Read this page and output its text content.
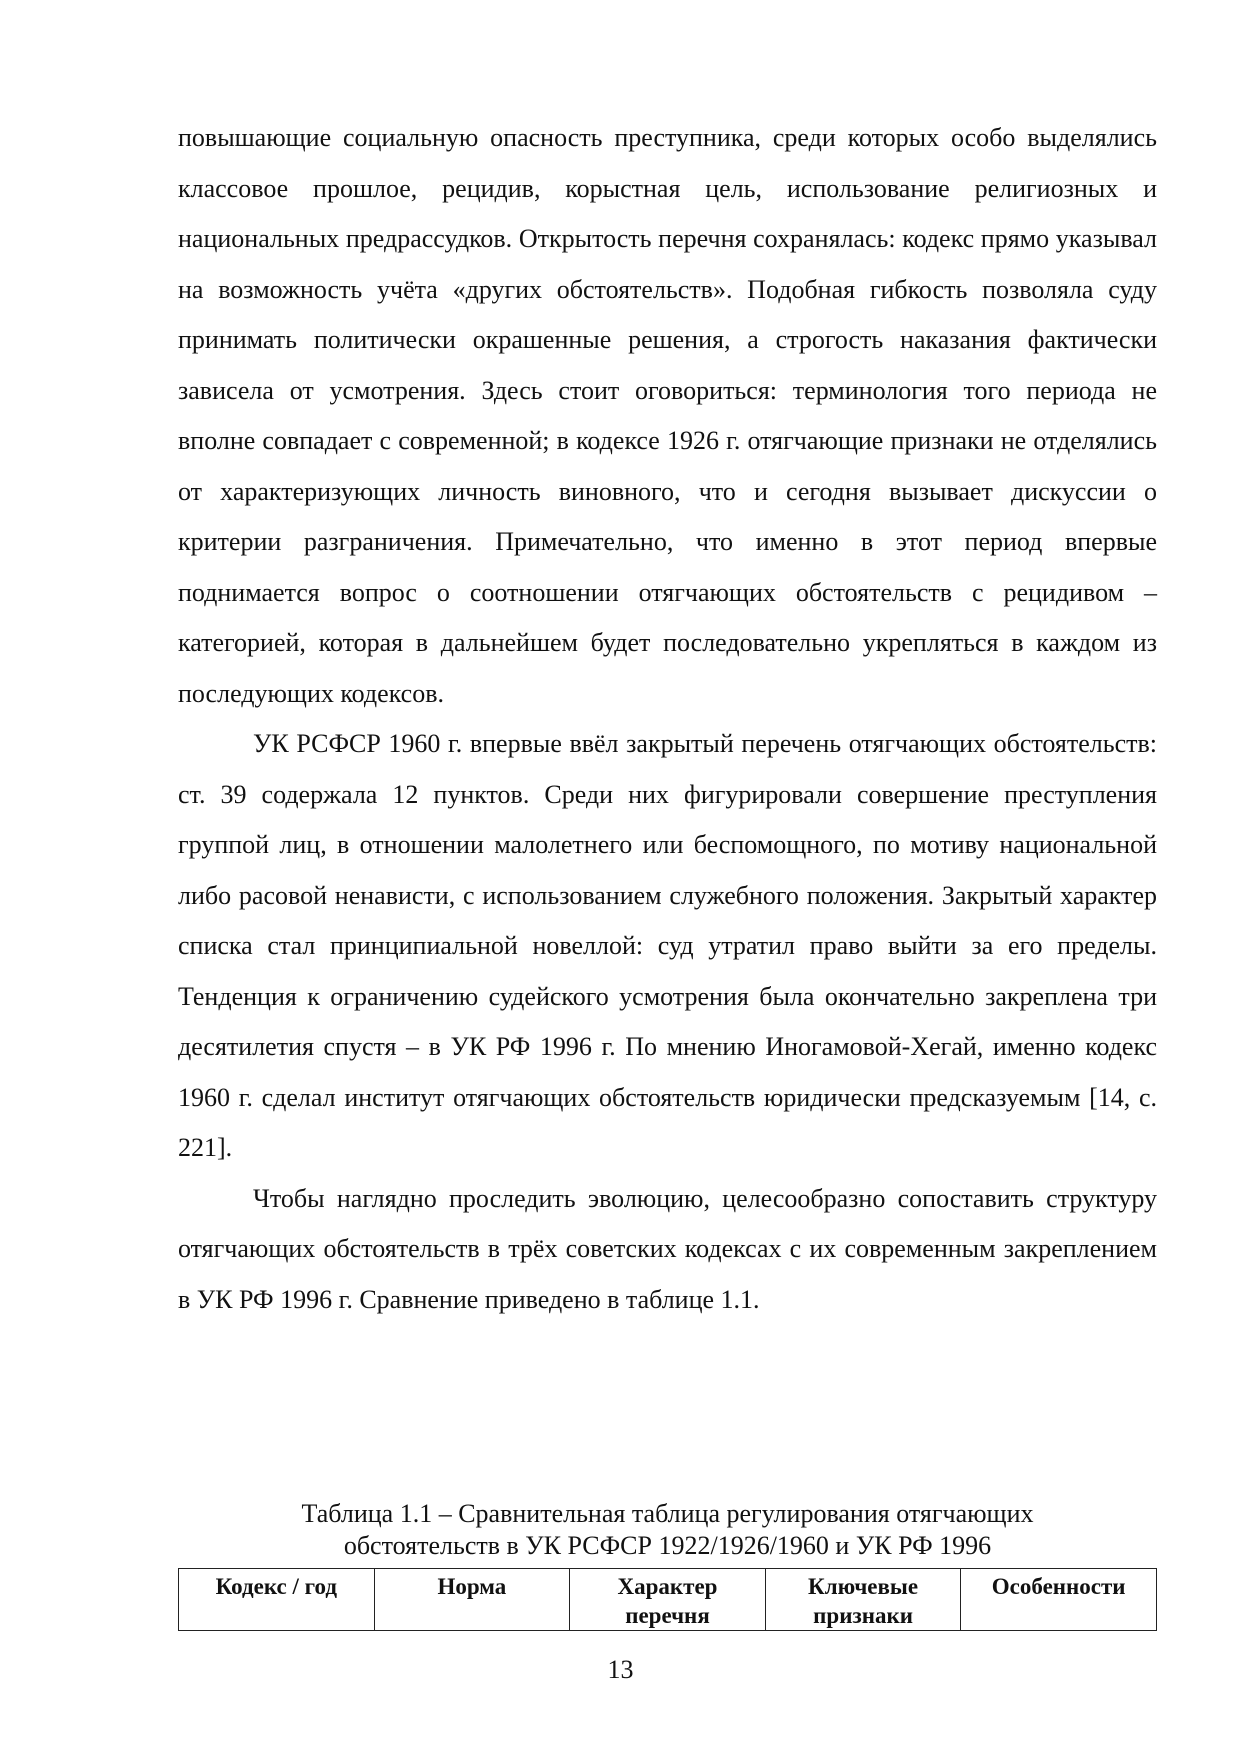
повышающие социальную опасность преступника, среди которых особо выделялись классовое прошлое, рецидив, корыстная цель, использование религиозных и национальных предрассудков. Открытость перечня сохранялась: кодекс прямо указывал на возможность учёта «других обстоятельств». Подобная гибкость позволяла суду принимать политически окрашенные решения, а строгость наказания фактически зависела от усмотрения. Здесь стоит оговориться: терминология того периода не вполне совпадает с современной; в кодексе 1926 г. отягчающие признаки не отделялись от характеризующих личность виновного, что и сегодня вызывает дискуссии о критерии разграничения. Примечательно, что именно в этот период впервые поднимается вопрос о соотношении отягчающих обстоятельств с рецидивом – категорией, которая в дальнейшем будет последовательно укрепляться в каждом из последующих кодексов.

УК РСФСР 1960 г. впервые ввёл закрытый перечень отягчающих обстоятельств: ст. 39 содержала 12 пунктов. Среди них фигурировали совершение преступления группой лиц, в отношении малолетнего или беспомощного, по мотиву национальной либо расовой ненависти, с использованием служебного положения. Закрытый характер списка стал принципиальной новеллой: суд утратил право выйти за его пределы. Тенденция к ограничению судейского усмотрения была окончательно закреплена три десятилетия спустя – в УК РФ 1996 г. По мнению Иногамовой-Хегай, именно кодекс 1960 г. сделал институт отягчающих обстоятельств юридически предсказуемым [14, с. 221].

Чтобы наглядно проследить эволюцию, целесообразно сопоставить структуру отягчающих обстоятельств в трёх советских кодексах с их современным закреплением в УК РФ 1996 г. Сравнение приведено в таблице 1.1.

Таблица 1.1 – Сравнительная таблица регулирования отягчающих
обстоятельств в УК РСФСР 1922/1926/1960 и УК РФ 1996
Кодекс / год	Норма	Характер перечня	Ключевые признаки	Особенности
13
